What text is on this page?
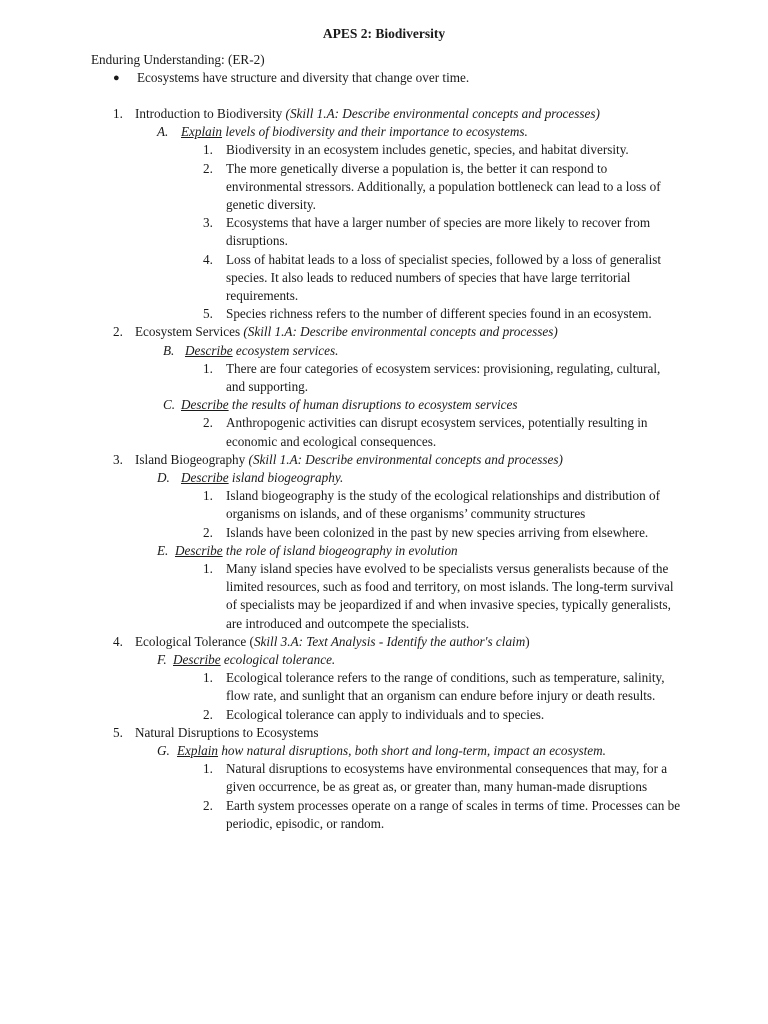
APES 2: Biodiversity
Enduring Understanding: (ER-2)
● Ecosystems have structure and diversity that change over time.
1. Introduction to Biodiversity (Skill 1.A: Describe environmental concepts and processes)
A. Explain levels of biodiversity and their importance to ecosystems.
1. Biodiversity in an ecosystem includes genetic, species, and habitat diversity.
2. The more genetically diverse a population is, the better it can respond to environmental stressors. Additionally, a population bottleneck can lead to a loss of genetic diversity.
3. Ecosystems that have a larger number of species are more likely to recover from disruptions.
4. Loss of habitat leads to a loss of specialist species, followed by a loss of generalist species. It also leads to reduced numbers of species that have large territorial requirements.
5. Species richness refers to the number of different species found in an ecosystem.
2. Ecosystem Services (Skill 1.A: Describe environmental concepts and processes)
B. Describe ecosystem services.
1. There are four categories of ecosystem services: provisioning, regulating, cultural, and supporting.
C. Describe the results of human disruptions to ecosystem services
2. Anthropogenic activities can disrupt ecosystem services, potentially resulting in economic and ecological consequences.
3. Island Biogeography (Skill 1.A: Describe environmental concepts and processes)
D. Describe island biogeography.
1. Island biogeography is the study of the ecological relationships and distribution of organisms on islands, and of these organisms’ community structures
2. Islands have been colonized in the past by new species arriving from elsewhere.
E. Describe the role of island biogeography in evolution
1. Many island species have evolved to be specialists versus generalists because of the limited resources, such as food and territory, on most islands. The long-term survival of specialists may be jeopardized if and when invasive species, typically generalists, are introduced and outcompete the specialists.
4. Ecological Tolerance (Skill 3.A: Text Analysis - Identify the author's claim)
F. Describe ecological tolerance.
1. Ecological tolerance refers to the range of conditions, such as temperature, salinity, flow rate, and sunlight that an organism can endure before injury or death results.
2. Ecological tolerance can apply to individuals and to species.
5. Natural Disruptions to Ecosystems
G. Explain how natural disruptions, both short and long-term, impact an ecosystem.
1. Natural disruptions to ecosystems have environmental consequences that may, for a given occurrence, be as great as, or greater than, many human-made disruptions
2. Earth system processes operate on a range of scales in terms of time. Processes can be periodic, episodic, or random.
